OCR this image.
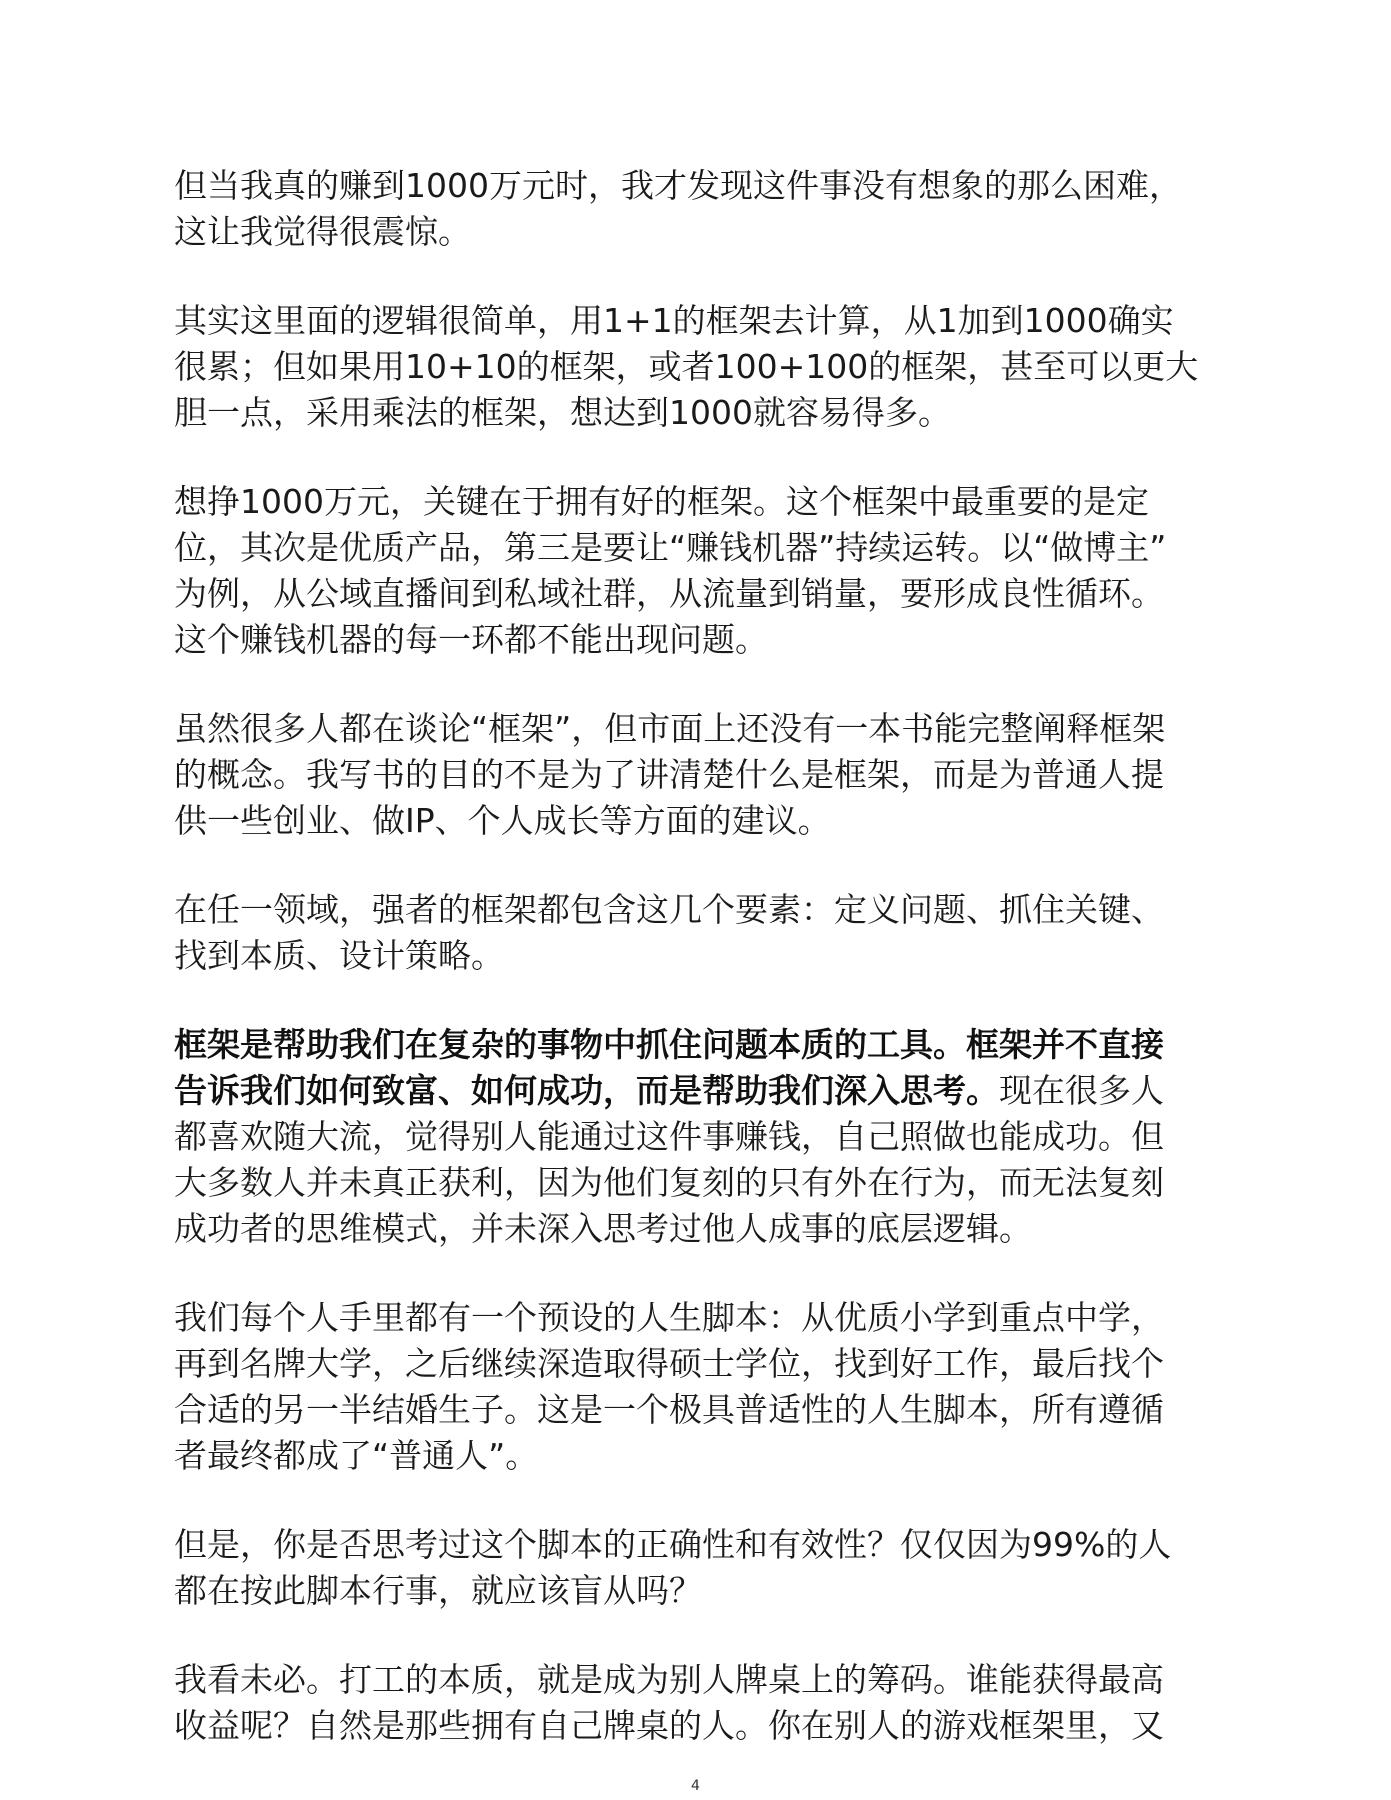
但当我真的赚到1000万元时，我才发现这件事没有想象的那么困难，
这让我觉得很震惊。

其实这里面的逻辑很简单，用1+1的框架去计算，从1加到1000确实
很累；但如果用10+10的框架，或者100+100的框架，甚至可以更大
胆一点，采用乘法的框架，想达到1000就容易得多。

想挣1000万元，关键在于拥有好的框架。这个框架中最重要的是定
位，其次是优质产品，第三是要让“赚钱机器”持续运转。以“做博主”
为例，从公域直播间到私域社群，从流量到销量，要形成良性循环。
这个赚钱机器的每一环都不能出现问题。

虽然很多人都在谈论“框架”，但市面上还没有一本书能完整阐释框架
的概念。我写书的目的不是为了讲清楚什么是框架，而是为普通人提
供一些创业、做IP、个人成长等方面的建议。

在任一领域，强者的框架都包含这几个要素：定义问题、抓住关键、
找到本质、设计策略。

框架是帮助我们在复杂的事物中抓住问题本质的工具。框架并不直接
告诉我们如何致富、如何成功，而是帮助我们深入思考。现在很多人
都喜欢随大流，觉得别人能通过这件事赚钱，自己照做也能成功。但
大多数人并未真正获利，因为他们复刻的只有外在行为，而无法复刻
成功者的思维模式，并未深入思考过他人成事的底层逻辑。

我们每个人手里都有一个预设的人生脚本：从优质小学到重点中学，
再到名牌大学，之后继续深造取得硕士学位，找到好工作，最后找个
合适的另一半结婚生子。这是一个极具普适性的人生脚本，所有遵循
者最终都成了“普通人”。

但是，你是否思考过这个脚本的正确性和有效性？仅仅因为99%的人
都在按此脚本行事，就应该盲从吗？

我看未必。打工的本质，就是成为别人牌桌上的筹码。谁能获得最高
收益呢？自然是那些拥有自己牌桌的人。你在别人的游戏框架里，又

4
